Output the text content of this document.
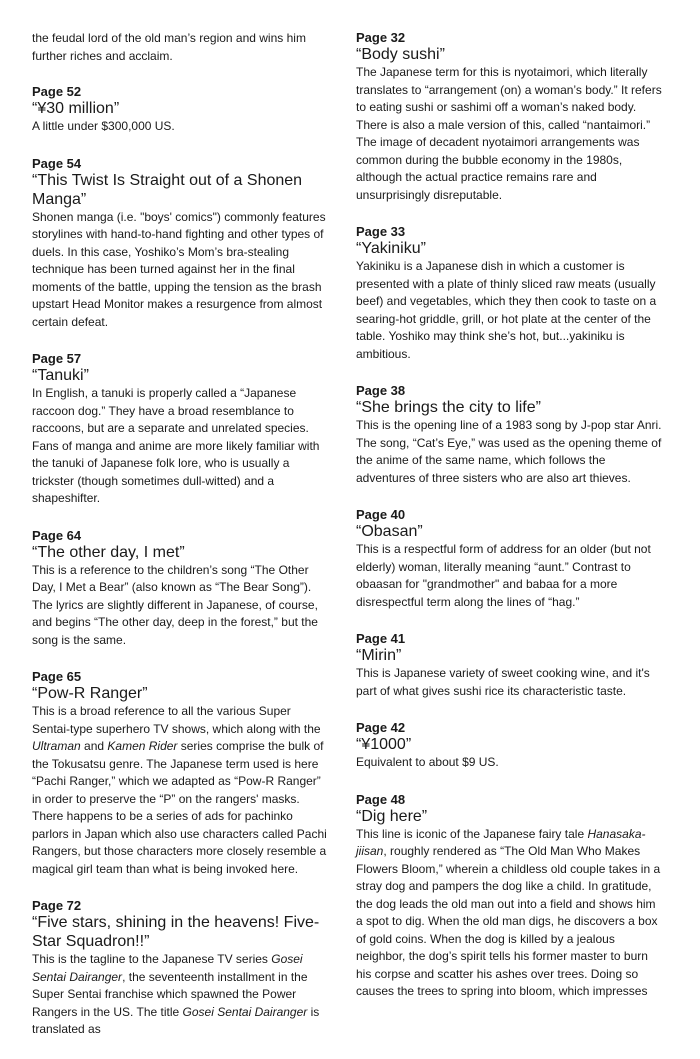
the feudal lord of the old man’s region and wins him further riches and acclaim.
Page 52
“¥30 million”
A little under $300,000 US.
Page 54
“This Twist Is Straight out of a Shonen Manga”
Shonen manga (i.e. "boys' comics") commonly features storylines with hand-to-hand fighting and other types of duels. In this case, Yoshiko’s Mom’s bra-stealing technique has been turned against her in the final moments of the battle, upping the tension as the brash upstart Head Monitor makes a resurgence from almost certain defeat.
Page 57
“Tanuki”
In English, a tanuki is properly called a “Japanese raccoon dog.” They have a broad resemblance to raccoons, but are a separate and unrelated species. Fans of manga and anime are more likely familiar with the tanuki of Japanese folk lore, who is usually a trickster (though sometimes dull-witted) and a shapeshifter.
Page 64
“The other day, I met”
This is a reference to the children’s song “The Other Day, I Met a Bear” (also known as “The Bear Song”). The lyrics are slightly different in Japanese, of course, and begins “The other day, deep in the forest,” but the song is the same.
Page 65
“Pow-R Ranger”
This is a broad reference to all the various Super Sentai-type superhero TV shows, which along with the Ultraman and Kamen Rider series comprise the bulk of the Tokusatsu genre. The Japanese term used is here “Pachi Ranger,” which we adapted as “Pow-R Ranger” in order to preserve the “P” on the rangers' masks. There happens to be a series of ads for pachinko parlors in Japan which also use characters called Pachi Rangers, but those characters more closely resemble a magical girl team than what is being invoked here.
Page 72
“Five stars, shining in the heavens! Five-Star Squadron!!”
This is the tagline to the Japanese TV series Gosei Sentai Dairanger, the seventeenth installment in the Super Sentai franchise which spawned the Power Rangers in the US. The title Gosei Sentai Dairanger is translated as
Page 32
“Body sushi”
The Japanese term for this is nyotaimori, which literally translates to “arrangement (on) a woman’s body.” It refers to eating sushi or sashimi off a woman’s naked body. There is also a male version of this, called “nantaimori.” The image of decadent nyotaimori arrangements was common during the bubble economy in the 1980s, although the actual practice remains rare and unsurprisingly disreputable.
Page 33
“Yakiniku”
Yakiniku is a Japanese dish in which a customer is presented with a plate of thinly sliced raw meats (usually beef) and vegetables, which they then cook to taste on a searing-hot griddle, grill, or hot plate at the center of the table. Yoshiko may think she’s hot, but...yakiniku is ambitious.
Page 38
“She brings the city to life”
This is the opening line of a 1983 song by J-pop star Anri. The song, “Cat’s Eye,” was used as the opening theme of the anime of the same name, which follows the adventures of three sisters who are also art thieves.
Page 40
“Obasan”
This is a respectful form of address for an older (but not elderly) woman, literally meaning “aunt.” Contrast to obaasan for "grandmother" and babaa for a more disrespectful term along the lines of “hag.”
Page 41
“Mirin”
This is Japanese variety of sweet cooking wine, and it's part of what gives sushi rice its characteristic taste.
Page 42
“¥1000”
Equivalent to about $9 US.
Page 48
“Dig here”
This line is iconic of the Japanese fairy tale Hanasaka-jiisan, roughly rendered as “The Old Man Who Makes Flowers Bloom,” wherein a childless old couple takes in a stray dog and pampers the dog like a child. In gratitude, the dog leads the old man out into a field and shows him a spot to dig. When the old man digs, he discovers a box of gold coins. When the dog is killed by a jealous neighbor, the dog’s spirit tells his former master to burn his corpse and scatter his ashes over trees. Doing so causes the trees to spring into bloom, which impresses
